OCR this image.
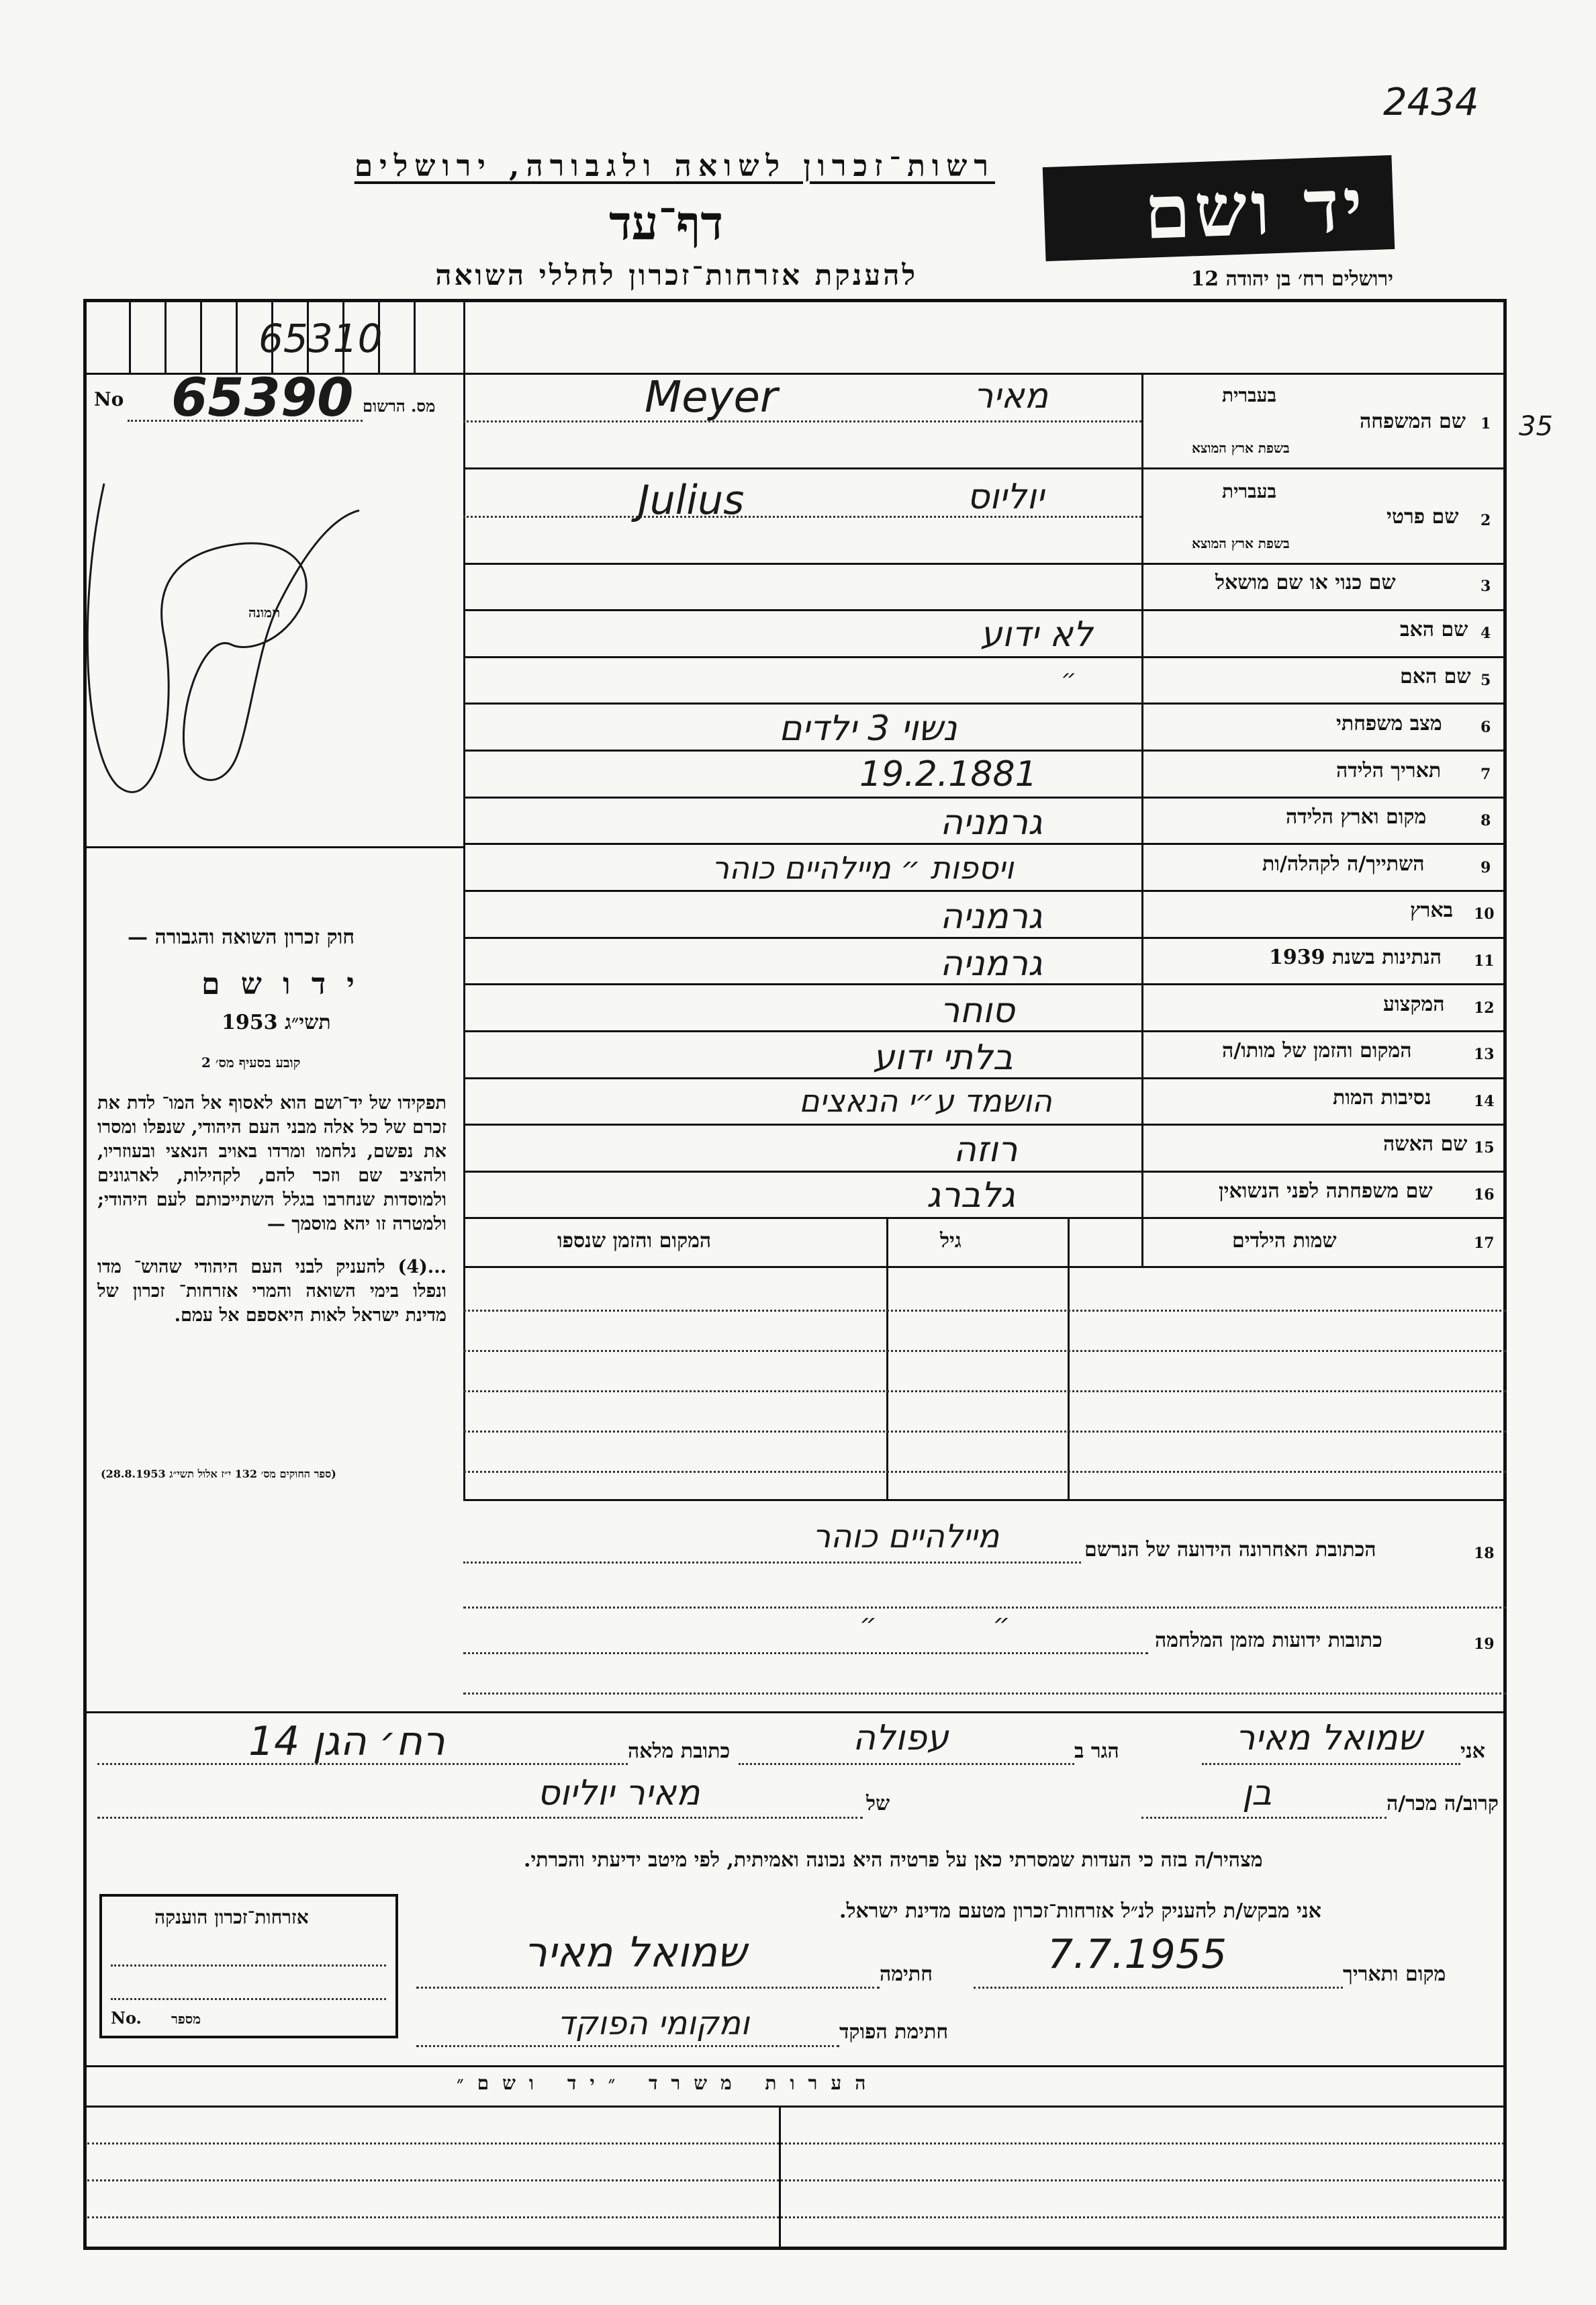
2434
35
רשות־זכרון לשואה ולגבורה, ירושלים
דף־עד
להענקת אזרחות־זכרון לחללי השואה
יד ושם
ירושלים רח׳ בן יהודה 12
65310
No 65390 מס. הרשום
תמונה
חוק זכרון השואה והגבורה —
י ד ו ש ם
תשי״ג 1953
קובע בסעיף מס׳ 2

תפקידו של יד־ושם הוא לאסוף אל המו־ לדת את זכרם של כל אלה מבני העם היהודי, שנפלו ומסרו את נפשם, נלחמו ומרדו באויב הנאצי ובעוזריו, ולהציב שם וזכר להם, לקהילות, לארגונים ולמוסדות שנחרבו בגלל השתייכותם לעם היהודי; ולמטרה זו יהא מוסמך —

...(4) להעניק לבני העם היהודי שהוש־ מדו ונפלו בימי השואה והמרי אזרחות־ זכרון של מדינת ישראל לאות היאספם אל עמם.

(ספר החוקים מס׳ 132 י״ז אלול תשי״ג 28.8.1953)
1
שם המשפחה
בעברית
בשפת ארץ המוצא
מאיר
Meyer
2
שם פרטי
בעברית
בשפת ארץ המוצא
יוליוס
Julius
3
שם כנוי או שם מושאל
4
שם האב
לא ידוע
5
שם האם
״
6
מצב משפחתי
נשוי 3 ילדים
7
תאריך הלידה
19.2.1881
8
מקום וארץ הלידה
גרמניה
9
השתייך/ה לקהלה/ות
ויספות ״ מיילהיים כוהר
10
בארץ
גרמניה
11
הנתינות בשנת 1939
גרמניה
12
המקצוע
סוחר
13
המקום והזמן של מותו/ה
בלתי ידוע
14
נסיבות המות
הושמד ע״י הנאצים
15
שם האשה
רוזה
16
שם משפחתה לפני הנשואין
גלברג
17
שמות הילדים
גיל
המקום והזמן שנספו
18
הכתובת האחרונה הידועה של הנרשם
מיילהיים כוהר
19
כתובות ידועות מזמן המלחמה
״ ״
אני
שמואל מאיר
הגר ב
עפולה
כתובת מלאה
רח׳ הגן 14
קרוב/ה מכר/ה
בן
של
מאיר יוליוס
מצהיר/ה בזה כי העדות שמסרתי כאן על פרטיה היא נכונה ואמיתית, לפי מיטב ידיעתי והכרתי.
אני מבקש/ת להעניק לנ״ל אזרחות־זכרון מטעם מדינת ישראל.
מקום ותאריך
7.7.1955
חתימה
שמואל מאיר
חתימת הפוקד
ומקומי הפוקד
אזרחות־זכרון הוענקה
No. מספר
הערות משרד ״יד ושם״
